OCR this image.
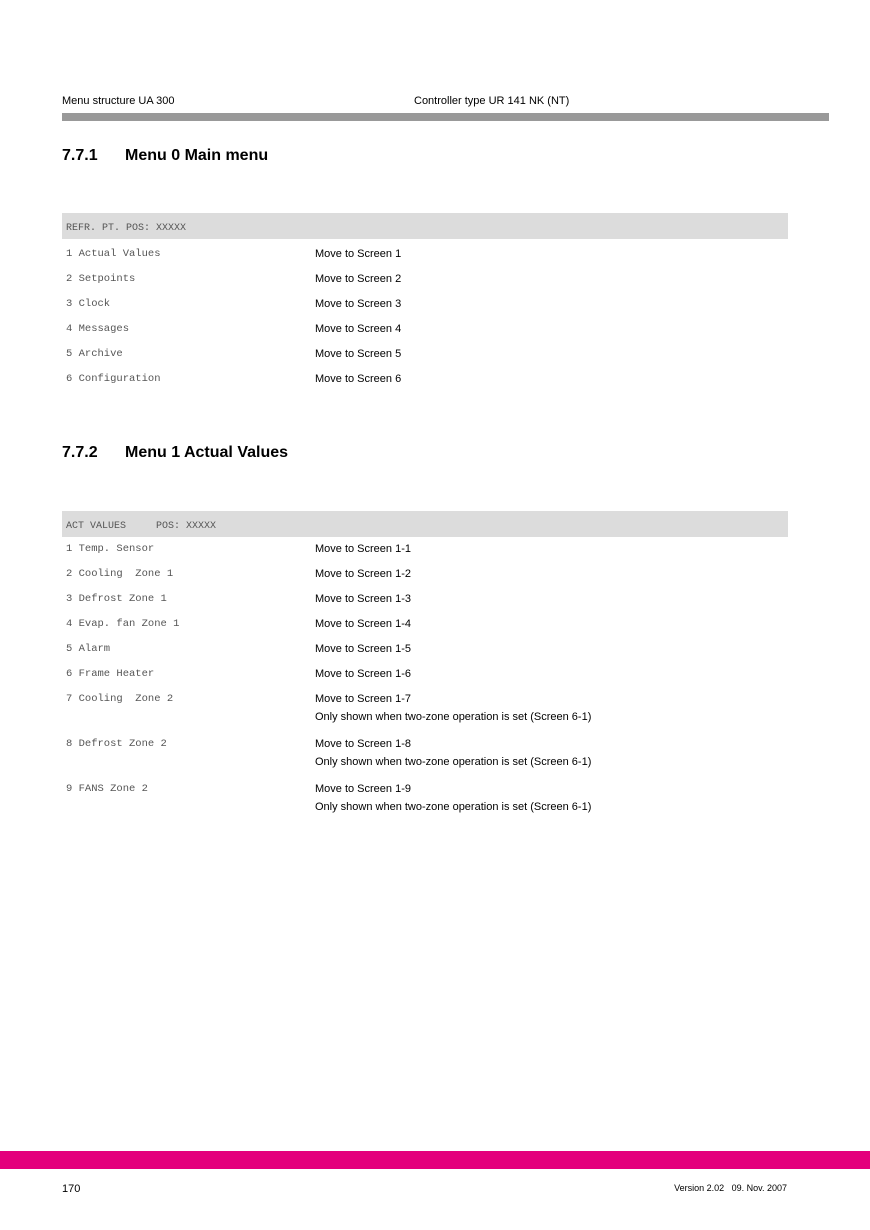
Menu structure UA 300	Controller type UR 141 NK (NT)
7.7.1 Menu 0 Main menu
REFR. PT. POS: XXXXX
1 Actual Values	Move to Screen 1
2 Setpoints	Move to Screen 2
3 Clock	Move to Screen 3
4 Messages	Move to Screen 4
5 Archive	Move to Screen 5
6 Configuration	Move to Screen 6
7.7.2 Menu 1 Actual Values
ACT VALUES     POS: XXXXX
1 Temp. Sensor	Move to Screen 1-1
2 Cooling  Zone 1	Move to Screen 1-2
3 Defrost Zone 1	Move to Screen 1-3
4 Evap. fan Zone 1	Move to Screen 1-4
5 Alarm	Move to Screen 1-5
6 Frame Heater	Move to Screen 1-6
7 Cooling  Zone 2	Move to Screen 1-7
Only shown when two-zone operation is set (Screen 6-1)
8 Defrost Zone 2	Move to Screen 1-8
Only shown when two-zone operation is set (Screen 6-1)
9 FANS Zone 2	Move to Screen 1-9
Only shown when two-zone operation is set (Screen 6-1)
170	Version 2.02   09. Nov. 2007
